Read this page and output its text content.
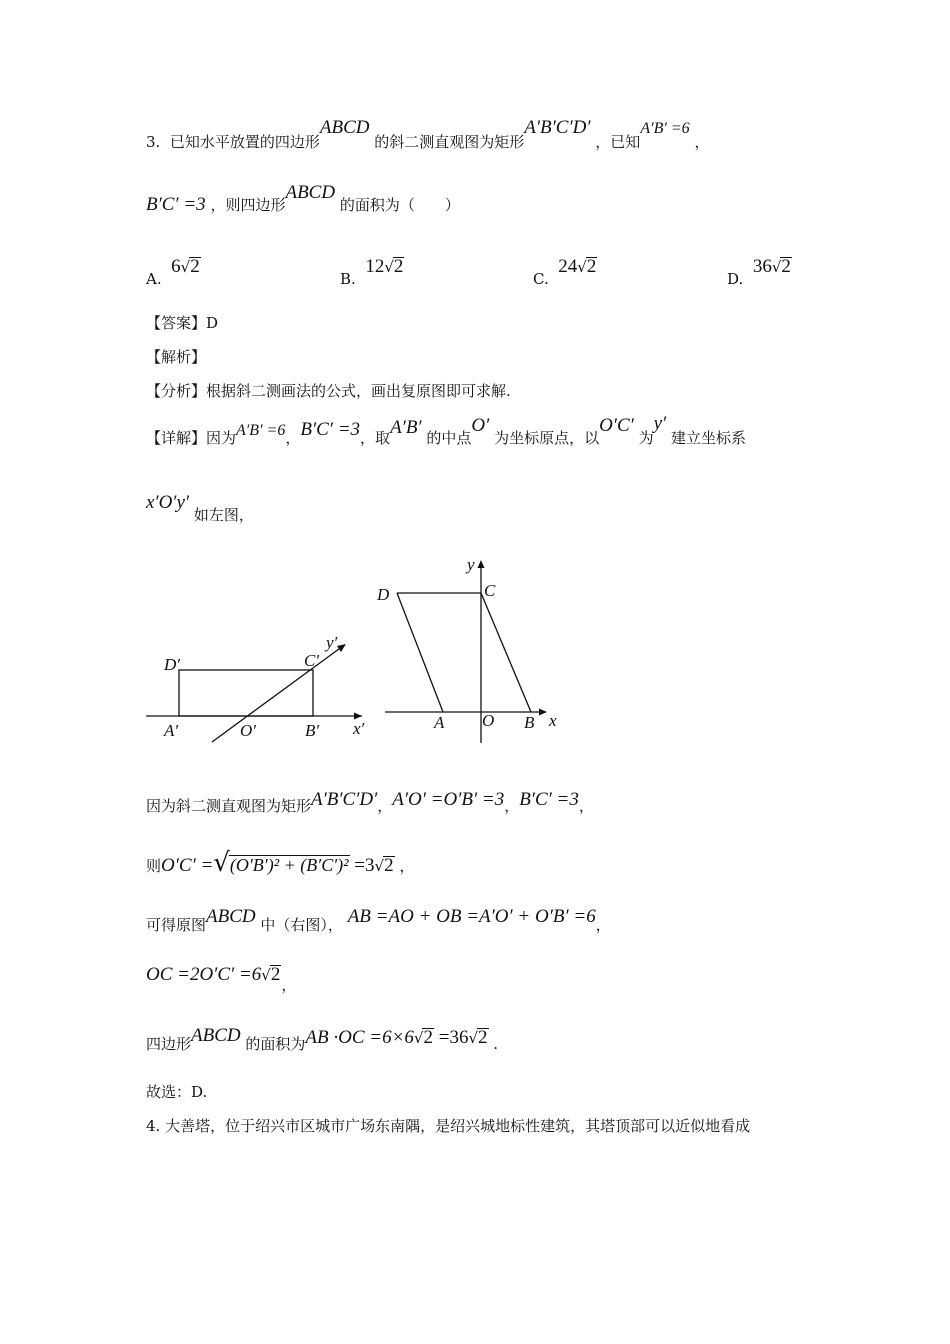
3. 已知水平放置的四边形ABCD 的斜二测直观图为矩形A′B′C′D′ ，已知A′B′ =6 ，
B′C′ =3 ，则四边形ABCD 的面积为（　　）
A.  6√2
B.  12√2
C.  24√2
D.  36√2
【答案】D
【解析】
【分析】根据斜二测画法的公式，画出复原图即可求解.
【详解】因为A′B′ =6，B′C′ =3，取A′B′ 的中点O′ 为坐标原点，以O′C′ 为y′ 建立坐标系
x′O′y′ 如左图，
D′	C′
A′	O′	B′ x′
y′
D	C
A O B x
y
因为斜二测直观图为矩形A′B′C′D′，A′O′ =O′B′ =3，B′C′ =3，
则O′C′ =√(O′B′)² + (B′C′)² =3√2 ，
可得原图ABCD 中（右图）， AB =AO + OB =A′O′ + O′B′ =6，
OC =2O′C′ =6√2，
四边形ABCD 的面积为AB ·OC =6×6√2 =36√2 .
故选：D.
4. 大善塔，位于绍兴市区城市广场东南隅，是绍兴城地标性建筑，其塔顶部可以近似地看成
